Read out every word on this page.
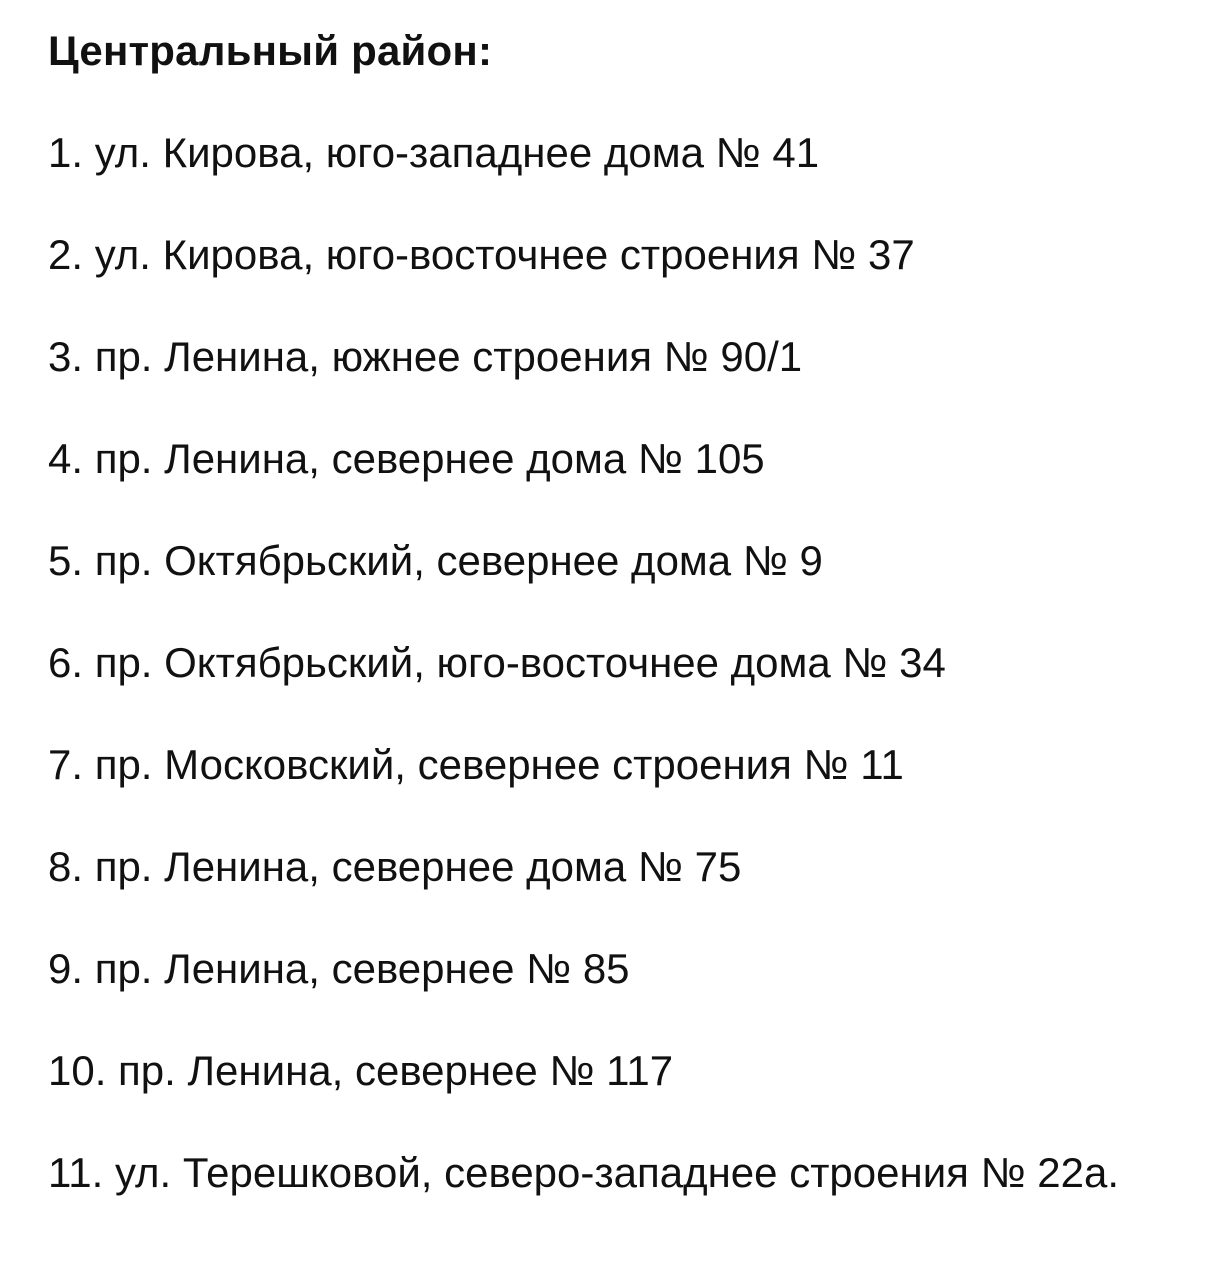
Центральный район:
1. ул. Кирова, юго-западнее дома № 41
2. ул. Кирова, юго-восточнее строения № 37
3. пр. Ленина, южнее строения № 90/1
4. пр. Ленина, севернее дома № 105
5. пр. Октябрьский, севернее дома № 9
6. пр. Октябрьский, юго-восточнее дома № 34
7. пр. Московский, севернее строения № 11
8. пр. Ленина, севернее дома № 75
9. пр. Ленина, севернее № 85
10. пр. Ленина, севернее № 117
11. ул. Терешковой, северо-западнее строения № 22а.
